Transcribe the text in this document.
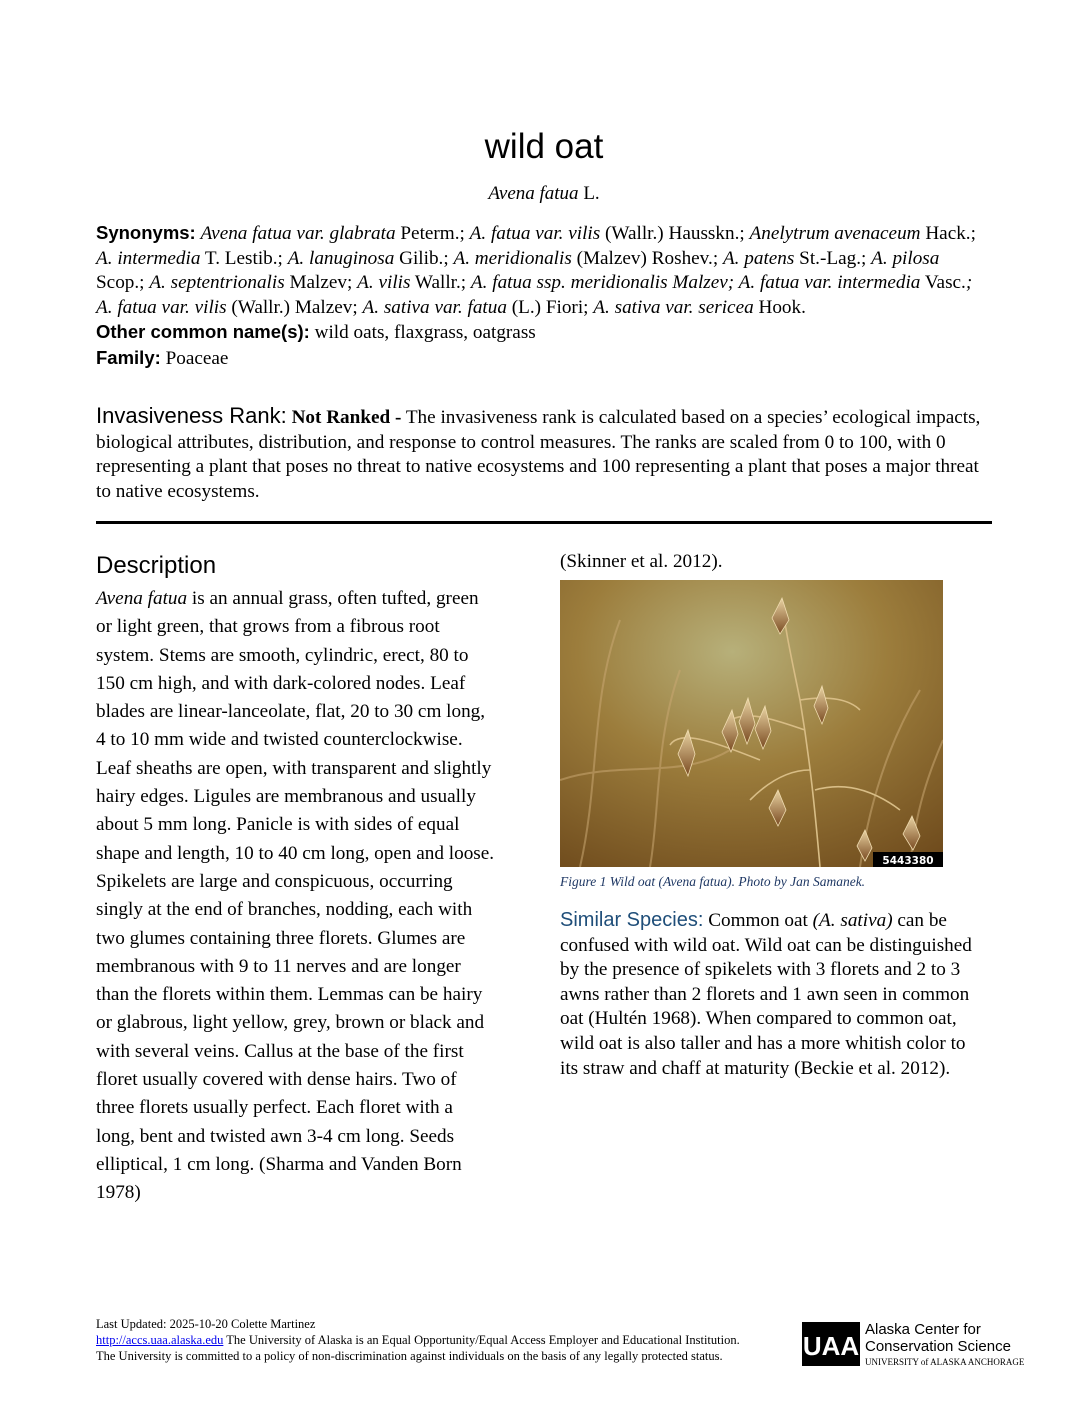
wild oat
Avena fatua L.
Synonyms: Avena fatua var. glabrata Peterm.; A. fatua var. vilis (Wallr.) Hausskn.; Anelytrum avenaceum Hack.; A. intermedia T. Lestib.; A. lanuginosa Gilib.; A. meridionalis (Malzev) Roshev.; A. patens St.-Lag.; A. pilosa Scop.; A. septentrionalis Malzev; A. vilis Wallr.; A. fatua ssp. meridionalis Malzev; A. fatua var. intermedia Vasc.; A. fatua var. vilis (Wallr.) Malzev; A. sativa var. fatua (L.) Fiori; A. sativa var. sericea Hook.
Other common name(s): wild oats, flaxgrass, oatgrass
Family: Poaceae
Invasiveness Rank: Not Ranked - The invasiveness rank is calculated based on a species’ ecological impacts, biological attributes, distribution, and response to control measures. The ranks are scaled from 0 to 100, with 0 representing a plant that poses no threat to native ecosystems and 100 representing a plant that poses a major threat to native ecosystems.
Description
Avena fatua is an annual grass, often tufted, green or light green, that grows from a fibrous root system. Stems are smooth, cylindric, erect, 80 to 150 cm high, and with dark-colored nodes. Leaf blades are linear-lanceolate, flat, 20 to 30 cm long, 4 to 10 mm wide and twisted counterclockwise. Leaf sheaths are open, with transparent and slightly hairy edges. Ligules are membranous and usually about 5 mm long. Panicle is with sides of equal shape and length, 10 to 40 cm long, open and loose. Spikelets are large and conspicuous, occurring singly at the end of branches, nodding, each with two glumes containing three florets. Glumes are membranous with 9 to 11 nerves and are longer than the florets within them. Lemmas can be hairy or glabrous, light yellow, grey, brown or black and with several veins. Callus at the base of the first floret usually covered with dense hairs. Two of three florets usually perfect. Each floret with a long, bent and twisted awn 3-4 cm long. Seeds elliptical, 1 cm long. (Sharma and Vanden Born 1978)
(Skinner et al. 2012).
5443380
Figure 1 Wild oat (Avena fatua). Photo by Jan Samanek.
Similar Species: Common oat (A. sativa) can be confused with wild oat. Wild oat can be distinguished by the presence of spikelets with 3 florets and 2 to 3 awns rather than 2 florets and 1 awn seen in common oat (Hultén 1968). When compared to common oat, wild oat is also taller and has a more whitish color to its straw and chaff at maturity (Beckie et al. 2012).
Last Updated: 2025-10-20 Colette Martinez
http://accs.uaa.alaska.edu The University of Alaska is an Equal Opportunity/Equal Access Employer and Educational Institution. The University is committed to a policy of non-discrimination against individuals on the basis of any legally protected status.	UAA
Alaska Center for
Conservation Science
UNIVERSITY of ALASKA ANCHORAGE
